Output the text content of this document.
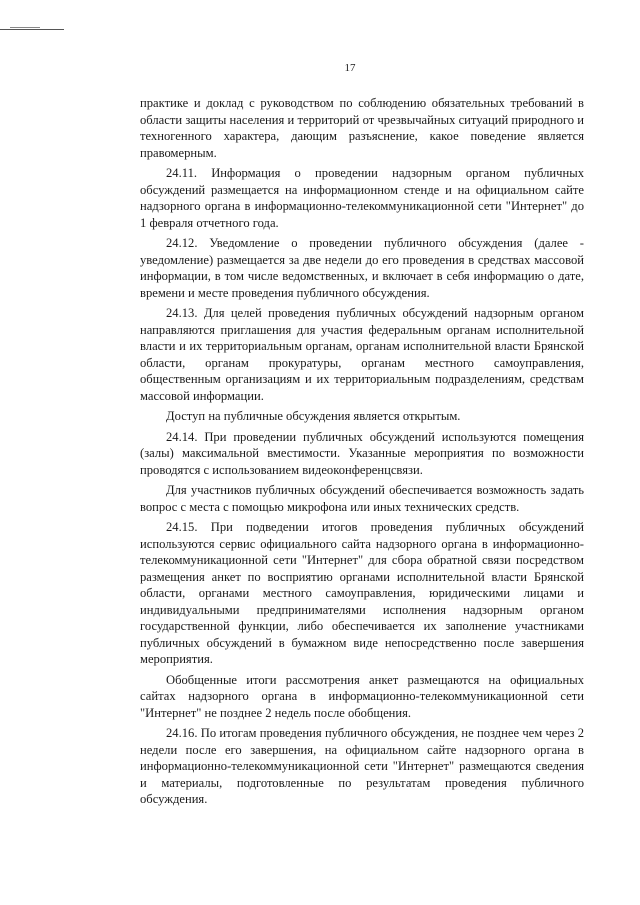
17

практике и доклад с руководством по соблюдению обязательных требований в области защиты населения и территорий от чрезвычайных ситуаций природного и техногенного характера, дающим разъяснение, какое поведение является правомерным.

24.11. Информация о проведении надзорным органом публичных обсуждений размещается на информационном стенде и на официальном сайте надзорного органа в информационно-телекоммуникационной сети "Интернет" до 1 февраля отчетного года.

24.12. Уведомление о проведении публичного обсуждения (далее - уведомление) размещается за две недели до его проведения в средствах массовой информации, в том числе ведомственных, и включает в себя информацию о дате, времени и месте проведения публичного обсуждения.

24.13. Для целей проведения публичных обсуждений надзорным органом направляются приглашения для участия федеральным органам исполнительной власти и их территориальным органам, органам исполнительной власти Брянской области, органам прокуратуры, органам местного самоуправления, общественным организациям и их территориальным подразделениям, средствам массовой информации.

Доступ на публичные обсуждения является открытым.

24.14. При проведении публичных обсуждений используются помещения (залы) максимальной вместимости. Указанные мероприятия по возможности проводятся с использованием видеоконференцсвязи.

Для участников публичных обсуждений обеспечивается возможность задать вопрос с места с помощью микрофона или иных технических средств.

24.15. При подведении итогов проведения публичных обсуждений используются сервис официального сайта надзорного органа в информационно-телекоммуникационной сети "Интернет" для сбора обратной связи посредством размещения анкет по восприятию органами исполнительной власти Брянской области, органами местного самоуправления, юридическими лицами и индивидуальными предпринимателями исполнения надзорным органом государственной функции, либо обеспечивается их заполнение участниками публичных обсуждений в бумажном виде непосредственно после завершения мероприятия.

Обобщенные итоги рассмотрения анкет размещаются на официальных сайтах надзорного органа в информационно-телекоммуникационной сети "Интернет" не позднее 2 недель после обобщения.

24.16. По итогам проведения публичного обсуждения, не позднее чем через 2 недели после его завершения, на официальном сайте надзорного органа в информационно-телекоммуникационной сети "Интернет" размещаются сведения и материалы, подготовленные по результатам проведения публичного обсуждения.
